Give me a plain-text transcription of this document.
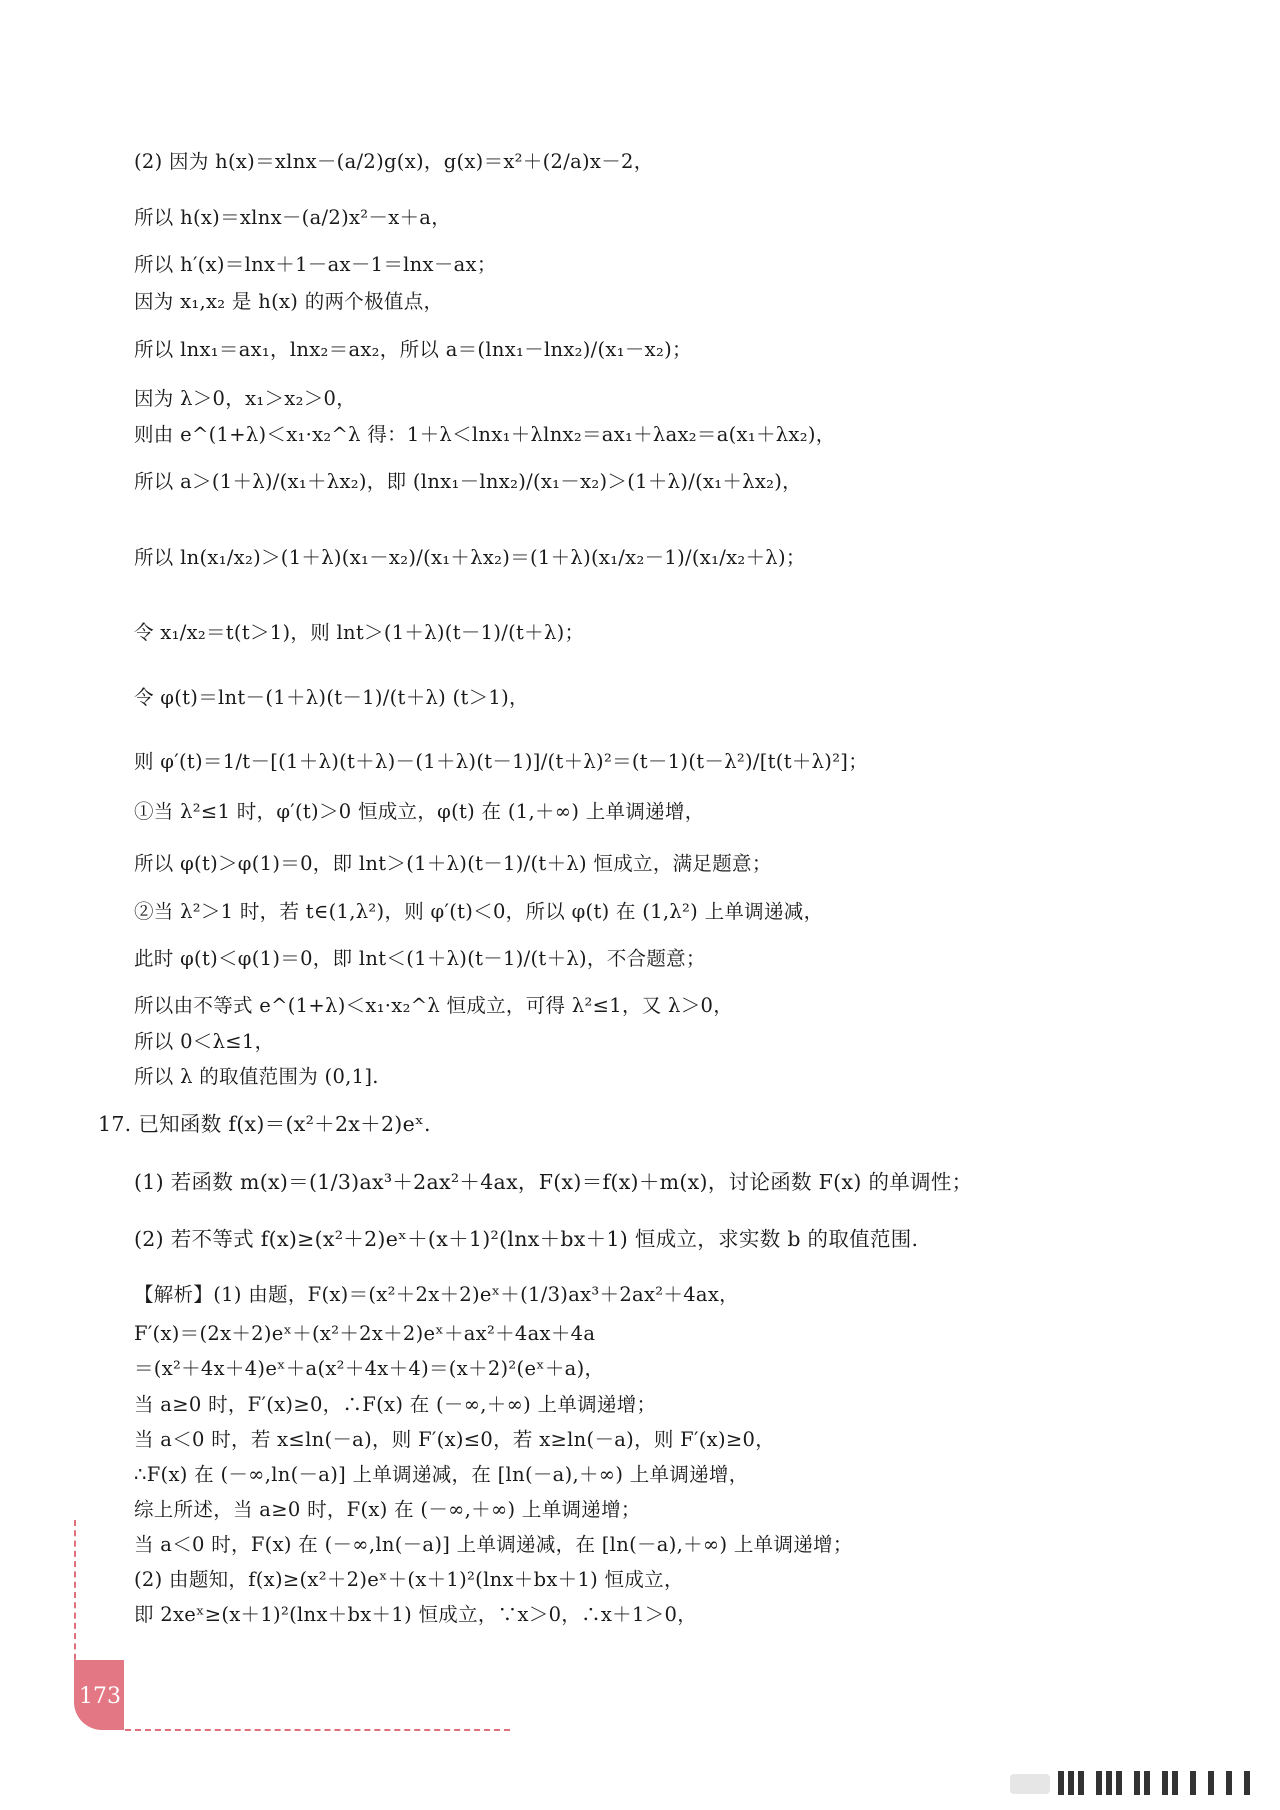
(2) 因为 h(x)＝xlnx－(a/2)g(x)，g(x)＝x²＋(2/a)x－2，
所以 h(x)＝xlnx－(a/2)x²－x＋a，
所以 h′(x)＝lnx＋1－ax－1＝lnx－ax；
因为 x₁,x₂ 是 h(x) 的两个极值点，
所以 lnx₁＝ax₁，lnx₂＝ax₂，所以 a＝(lnx₁－lnx₂)/(x₁－x₂)；
因为 λ＞0，x₁＞x₂＞0，
则由 e^(1+λ)＜x₁·x₂^λ 得：1＋λ＜lnx₁＋λlnx₂＝ax₁＋λax₂＝a(x₁＋λx₂)，
所以 a＞(1＋λ)/(x₁＋λx₂)，即 (lnx₁－lnx₂)/(x₁－x₂)＞(1＋λ)/(x₁＋λx₂)，
所以 ln(x₁/x₂)＞(1＋λ)(x₁－x₂)/(x₁＋λx₂)＝(1＋λ)(x₁/x₂－1)/(x₁/x₂＋λ)；
令 x₁/x₂＝t(t＞1)，则 lnt＞(1＋λ)(t－1)/(t＋λ)；
令 φ(t)＝lnt－(1＋λ)(t－1)/(t＋λ) (t＞1)，
则 φ′(t)＝1/t－[(1＋λ)(t＋λ)－(1＋λ)(t－1)]/(t＋λ)²＝(t－1)(t－λ²)/[t(t＋λ)²]；
①当 λ²≤1 时，φ′(t)＞0 恒成立，φ(t) 在 (1,＋∞) 上单调递增，
所以 φ(t)＞φ(1)＝0，即 lnt＞(1＋λ)(t－1)/(t＋λ) 恒成立，满足题意；
②当 λ²＞1 时，若 t∈(1,λ²)，则 φ′(t)＜0，所以 φ(t) 在 (1,λ²) 上单调递减，
此时 φ(t)＜φ(1)＝0，即 lnt＜(1＋λ)(t－1)/(t＋λ)，不合题意；
所以由不等式 e^(1+λ)＜x₁·x₂^λ 恒成立，可得 λ²≤1，又 λ＞0，
所以 0＜λ≤1，
所以 λ 的取值范围为 (0,1].
17. 已知函数 f(x)＝(x²＋2x＋2)eˣ.
(1) 若函数 m(x)＝(1/3)ax³＋2ax²＋4ax，F(x)＝f(x)＋m(x)，讨论函数 F(x) 的单调性；
(2) 若不等式 f(x)≥(x²＋2)eˣ＋(x＋1)²(lnx＋bx＋1) 恒成立，求实数 b 的取值范围.
【解析】(1) 由题，F(x)＝(x²＋2x＋2)eˣ＋(1/3)ax³＋2ax²＋4ax，
F′(x)＝(2x＋2)eˣ＋(x²＋2x＋2)eˣ＋ax²＋4ax＋4a
＝(x²＋4x＋4)eˣ＋a(x²＋4x＋4)＝(x＋2)²(eˣ＋a)，
当 a≥0 时，F′(x)≥0，∴F(x) 在 (－∞,＋∞) 上单调递增；
当 a＜0 时，若 x≤ln(－a)，则 F′(x)≤0，若 x≥ln(－a)，则 F′(x)≥0，
∴F(x) 在 (－∞,ln(－a)] 上单调递减，在 [ln(－a),＋∞) 上单调递增，
综上所述，当 a≥0 时，F(x) 在 (－∞,＋∞) 上单调递增；
当 a＜0 时，F(x) 在 (－∞,ln(－a)] 上单调递减，在 [ln(－a),＋∞) 上单调递增；
(2) 由题知，f(x)≥(x²＋2)eˣ＋(x＋1)²(lnx＋bx＋1) 恒成立，
即 2xeˣ≥(x＋1)²(lnx＋bx＋1) 恒成立，∵x＞0，∴x＋1＞0，
173
